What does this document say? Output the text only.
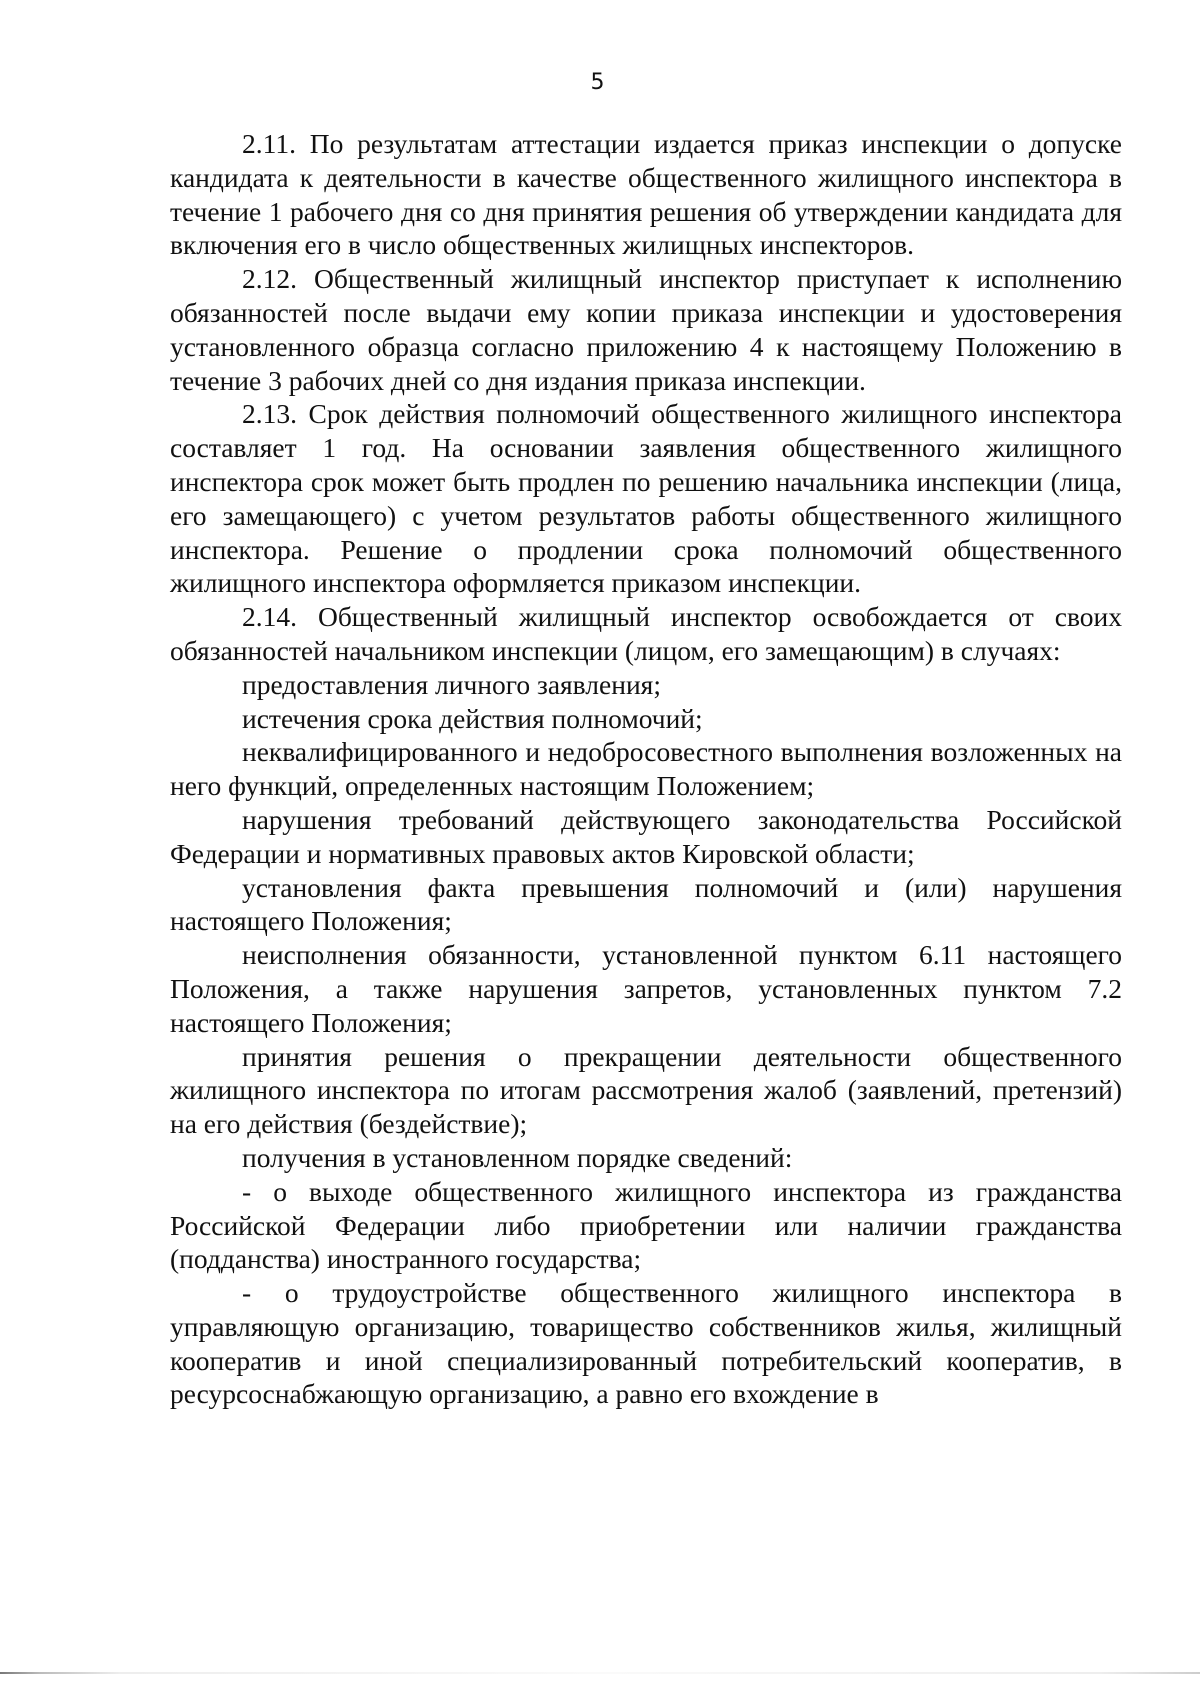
5

2.11. По результатам аттестации издается приказ инспекции о допуске кандидата к деятельности в качестве общественного жилищного инспектора в течение 1 рабочего дня со дня принятия решения об утверждении кандидата для включения его в число общественных жилищных инспекторов.

2.12. Общественный жилищный инспектор приступает к исполнению обязанностей после выдачи ему копии приказа инспекции и удостоверения установленного образца согласно приложению 4 к настоящему Положению в течение 3 рабочих дней со дня издания приказа инспекции.

2.13. Срок действия полномочий общественного жилищного инспектора составляет 1 год. На основании заявления общественного жилищного инспектора срок может быть продлен по решению начальника инспекции (лица, его замещающего) с учетом результатов работы общественного жилищного инспектора. Решение о продлении срока полномочий общественного жилищного инспектора оформляется приказом инспекции.

2.14. Общественный жилищный инспектор освобождается от своих обязанностей начальником инспекции (лицом, его замещающим) в случаях:

предоставления личного заявления;

истечения срока действия полномочий;

неквалифицированного и недобросовестного выполнения возложенных на него функций, определенных настоящим Положением;

нарушения требований действующего законодательства Российской Федерации и нормативных правовых актов Кировской области;

установления факта превышения полномочий и (или) нарушения настоящего Положения;

неисполнения обязанности, установленной пунктом 6.11 настоящего Положения, а также нарушения запретов, установленных пунктом 7.2 настоящего Положения;

принятия решения о прекращении деятельности общественного жилищного инспектора по итогам рассмотрения жалоб (заявлений, претензий) на его действия (бездействие);

получения в установленном порядке сведений:

- о выходе общественного жилищного инспектора из гражданства Российской Федерации либо приобретении или наличии гражданства (подданства) иностранного государства;

- о трудоустройстве общественного жилищного инспектора в управляющую организацию, товарищество собственников жилья, жилищный кооператив и иной специализированный потребительский кооператив, в ресурсоснабжающую организацию, а равно его вхождение в
